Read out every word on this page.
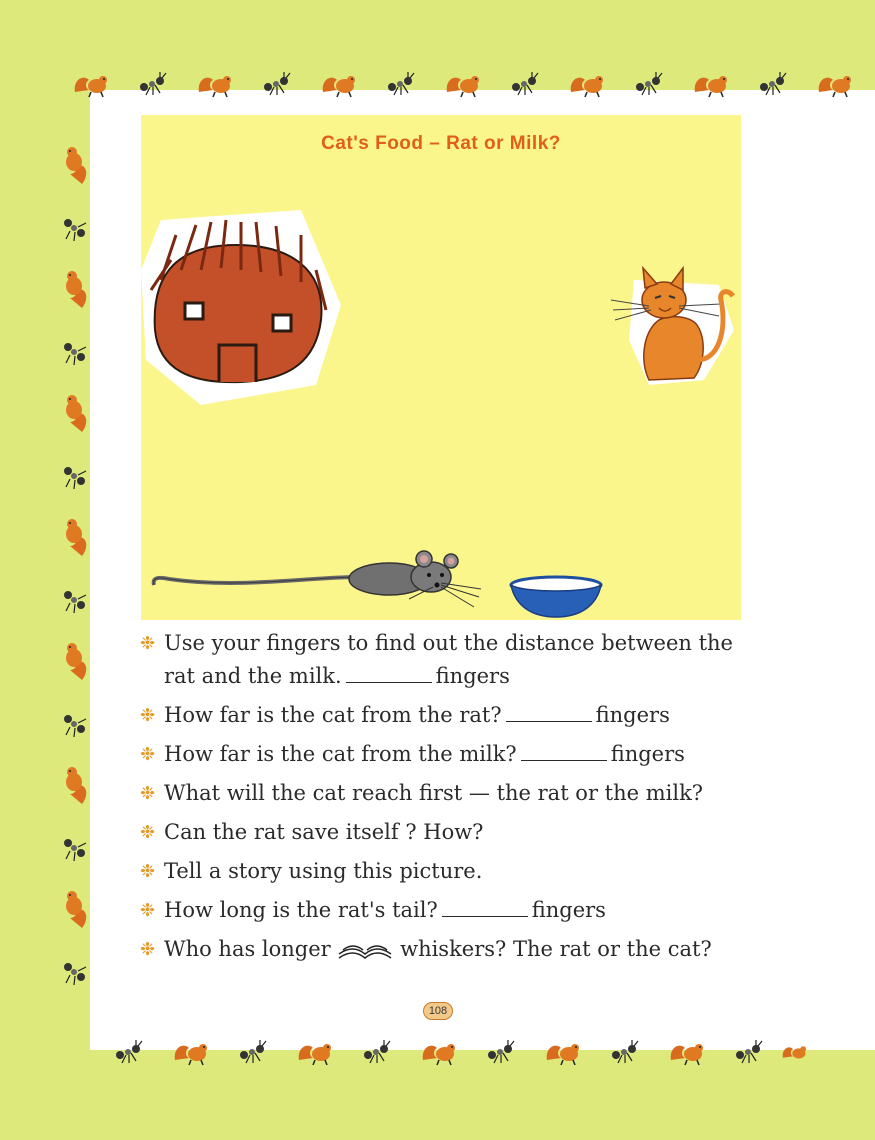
Cat's Food – Rat or Milk?
❉ Use your fingers to find out the distance between the rat and the milk.	fingers
❉ How far is the cat from the rat?	fingers
❉ How far is the cat from the milk?	fingers
❉ What will the cat reach first — the rat or the milk?
❉ Can the rat save itself ? How?
❉ Tell a story using this picture.
❉ How long is the rat's tail?	fingers
❉ Who has longer	whiskers? The rat or the cat?
108
